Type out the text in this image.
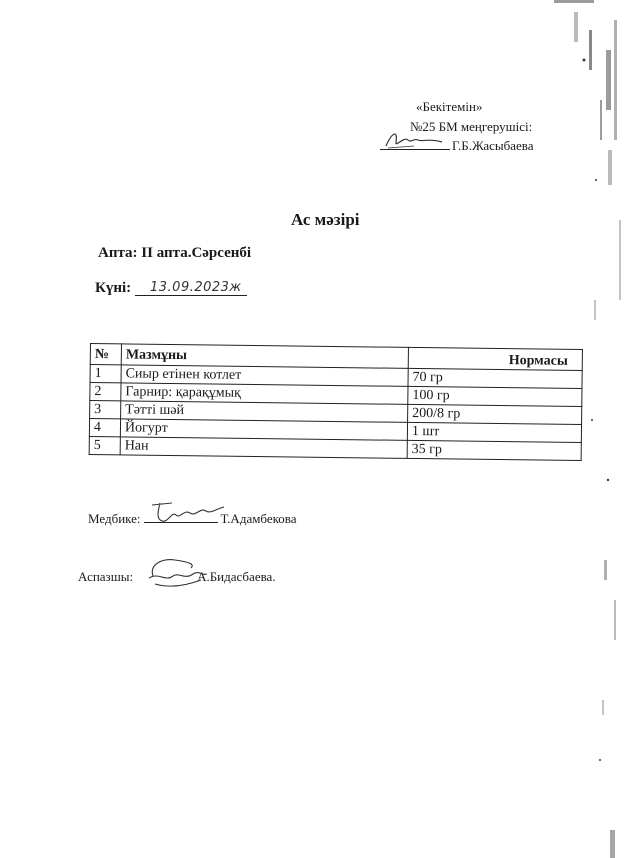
«Бекітемін»
№25 БМ меңгерушісі:
Г.Б.Жасыбаева
Ас мәзірі
Апта: II апта.Сәрсенбі
Күні: 13.09.2023ж
№	Мазмұны	Нормасы
1	Сиыр етінен котлет	70 гр
2	Гарнир: қарақұмық	100 гр
3	Тәтті шәй	200/8 гр
4	Йогурт	1 шт
5	Нан	35 гр
Медбике:	Т.Адамбекова
Аспазшы:	А.Бидасбаева.
